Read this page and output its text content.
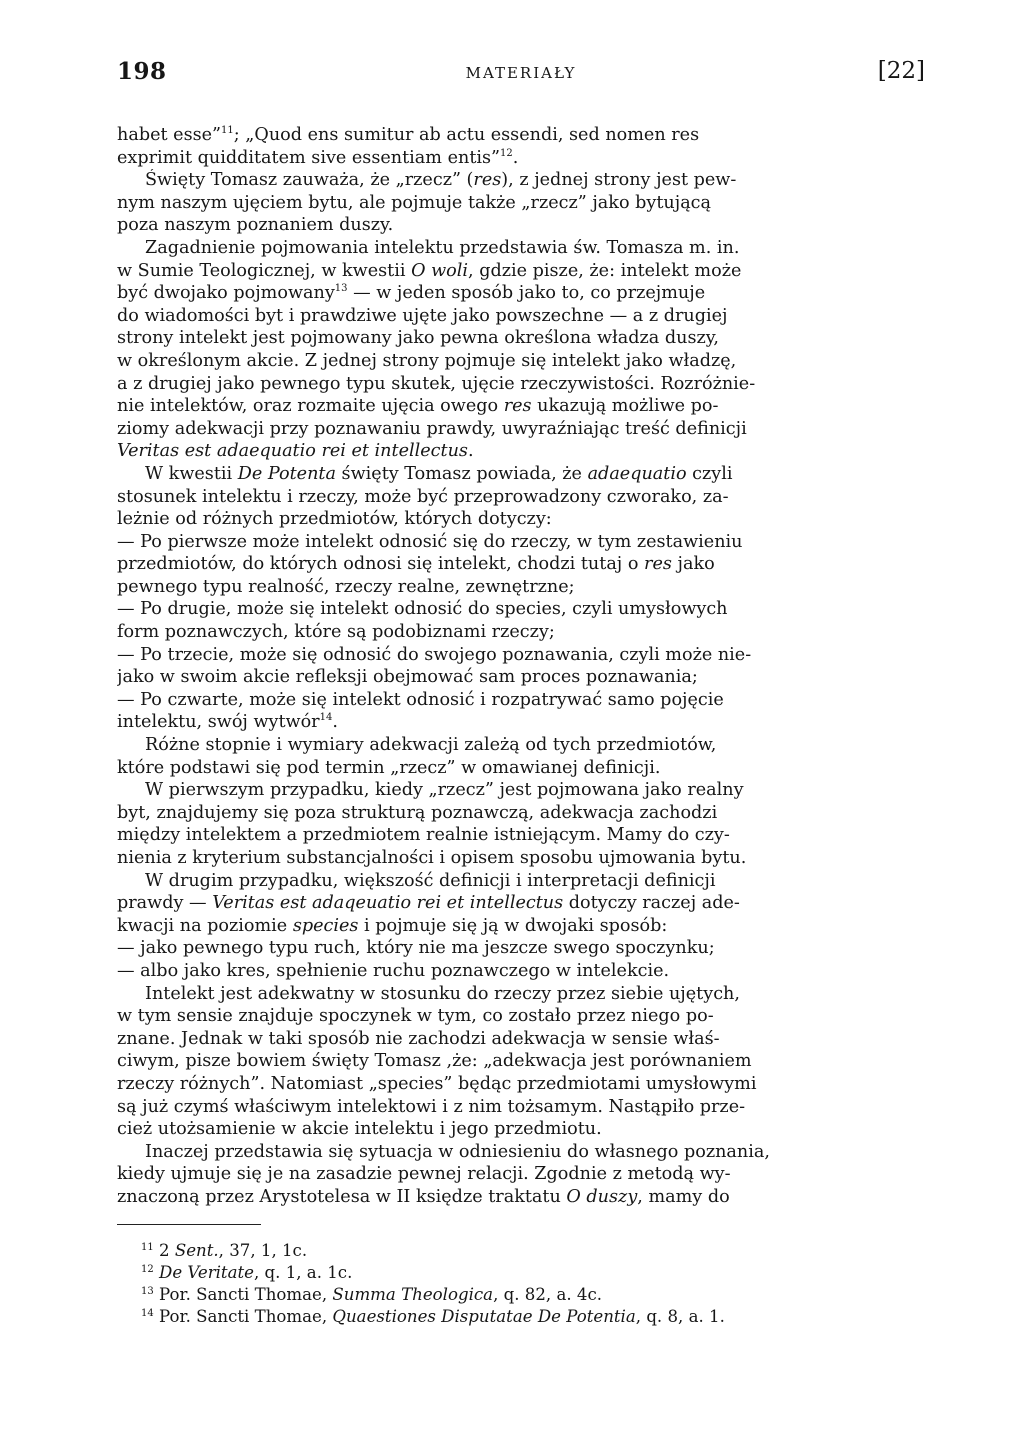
198	MATERIAŁY	[22]
habet esse”$^{11}$; „Quod ens sumitur ab actu essendi, sed nomen res
exprimit quidditatem sive essentiam entis”$^{12}$.
Święty Tomasz zauważa, że „rzecz” (res), z jednej strony jest pew-
nym naszym ujęciem bytu, ale pojmuje także „rzecz” jako bytującą
poza naszym poznaniem duszy.
Zagadnienie pojmowania intelektu przedstawia św. Tomasza m. in.
w Sumie Teologicznej, w kwestii O woli, gdzie pisze, że: intelekt może
być dwojako pojmowany$^{13}$ — w jeden sposób jako to, co przejmuje
do wiadomości byt i prawdziwe ujęte jako powszechne — a z drugiej
strony intelekt jest pojmowany jako pewna określona władza duszy,
w określonym akcie. Z jednej strony pojmuje się intelekt jako władzę,
a z drugiej jako pewnego typu skutek, ujęcie rzeczywistości. Rozróżnie-
nie intelektów, oraz rozmaite ujęcia owego res ukazują możliwe po-
ziomy adekwacji przy poznawaniu prawdy, uwyraźniając treść definicji
Veritas est adaequatio rei et intellectus.
W kwestii De Potenta święty Tomasz powiada, że adaequatio czyli
stosunek intelektu i rzeczy, może być przeprowadzony czworako, za-
leżnie od różnych przedmiotów, których dotyczy:
— Po pierwsze może intelekt odnosić się do rzeczy, w tym zestawieniu
przedmiotów, do których odnosi się intelekt, chodzi tutaj o res jako
pewnego typu realność, rzeczy realne, zewnętrzne;
— Po drugie, może się intelekt odnosić do species, czyli umysłowych
form poznawczych, które są podobiznami rzeczy;
— Po trzecie, może się odnosić do swojego poznawania, czyli może nie-
jako w swoim akcie refleksji obejmować sam proces poznawania;
— Po czwarte, może się intelekt odnosić i rozpatrywać samo pojęcie
intelektu, swój wytwór$^{14}$.
Różne stopnie i wymiary adekwacji zależą od tych przedmiotów,
które podstawi się pod termin „rzecz” w omawianej definicji.
W pierwszym przypadku, kiedy „rzecz” jest pojmowana jako realny
byt, znajdujemy się poza strukturą poznawczą, adekwacja zachodzi
między intelektem a przedmiotem realnie istniejącym. Mamy do czy-
nienia z kryterium substancjalności i opisem sposobu ujmowania bytu.
W drugim przypadku, większość definicji i interpretacji definicji
prawdy — Veritas est adaqeuatio rei et intellectus dotyczy raczej ade-
kwacji na poziomie species i pojmuje się ją w dwojaki sposób:
— jako pewnego typu ruch, który nie ma jeszcze swego spoczynku;
— albo jako kres, spełnienie ruchu poznawczego w intelekcie.
Intelekt jest adekwatny w stosunku do rzeczy przez siebie ujętych,
w tym sensie znajduje spoczynek w tym, co zostało przez niego po-
znane. Jednak w taki sposób nie zachodzi adekwacja w sensie właś-
ciwym, pisze bowiem święty Tomasz ,że: „adekwacja jest porównaniem
rzeczy różnych”. Natomiast „species” będąc przedmiotami umysłowymi
są już czymś właściwym intelektowi i z nim tożsamym. Nastąpiło prze-
cież utożsamienie w akcie intelektu i jego przedmiotu.
Inaczej przedstawia się sytuacja w odniesieniu do własnego poznania,
kiedy ujmuje się je na zasadzie pewnej relacji. Zgodnie z metodą wy-
znaczoną przez Arystotelesa w II księdze traktatu O duszy, mamy do
$^{11}$ 2 Sent., 37, 1, 1c.
$^{12}$ De Veritate, q. 1, a. 1c.
$^{13}$ Por. Sancti Thomae, Summa Theologica, q. 82, a. 4c.
$^{14}$ Por. Sancti Thomae, Quaestiones Disputatae De Potentia, q. 8, a. 1.
